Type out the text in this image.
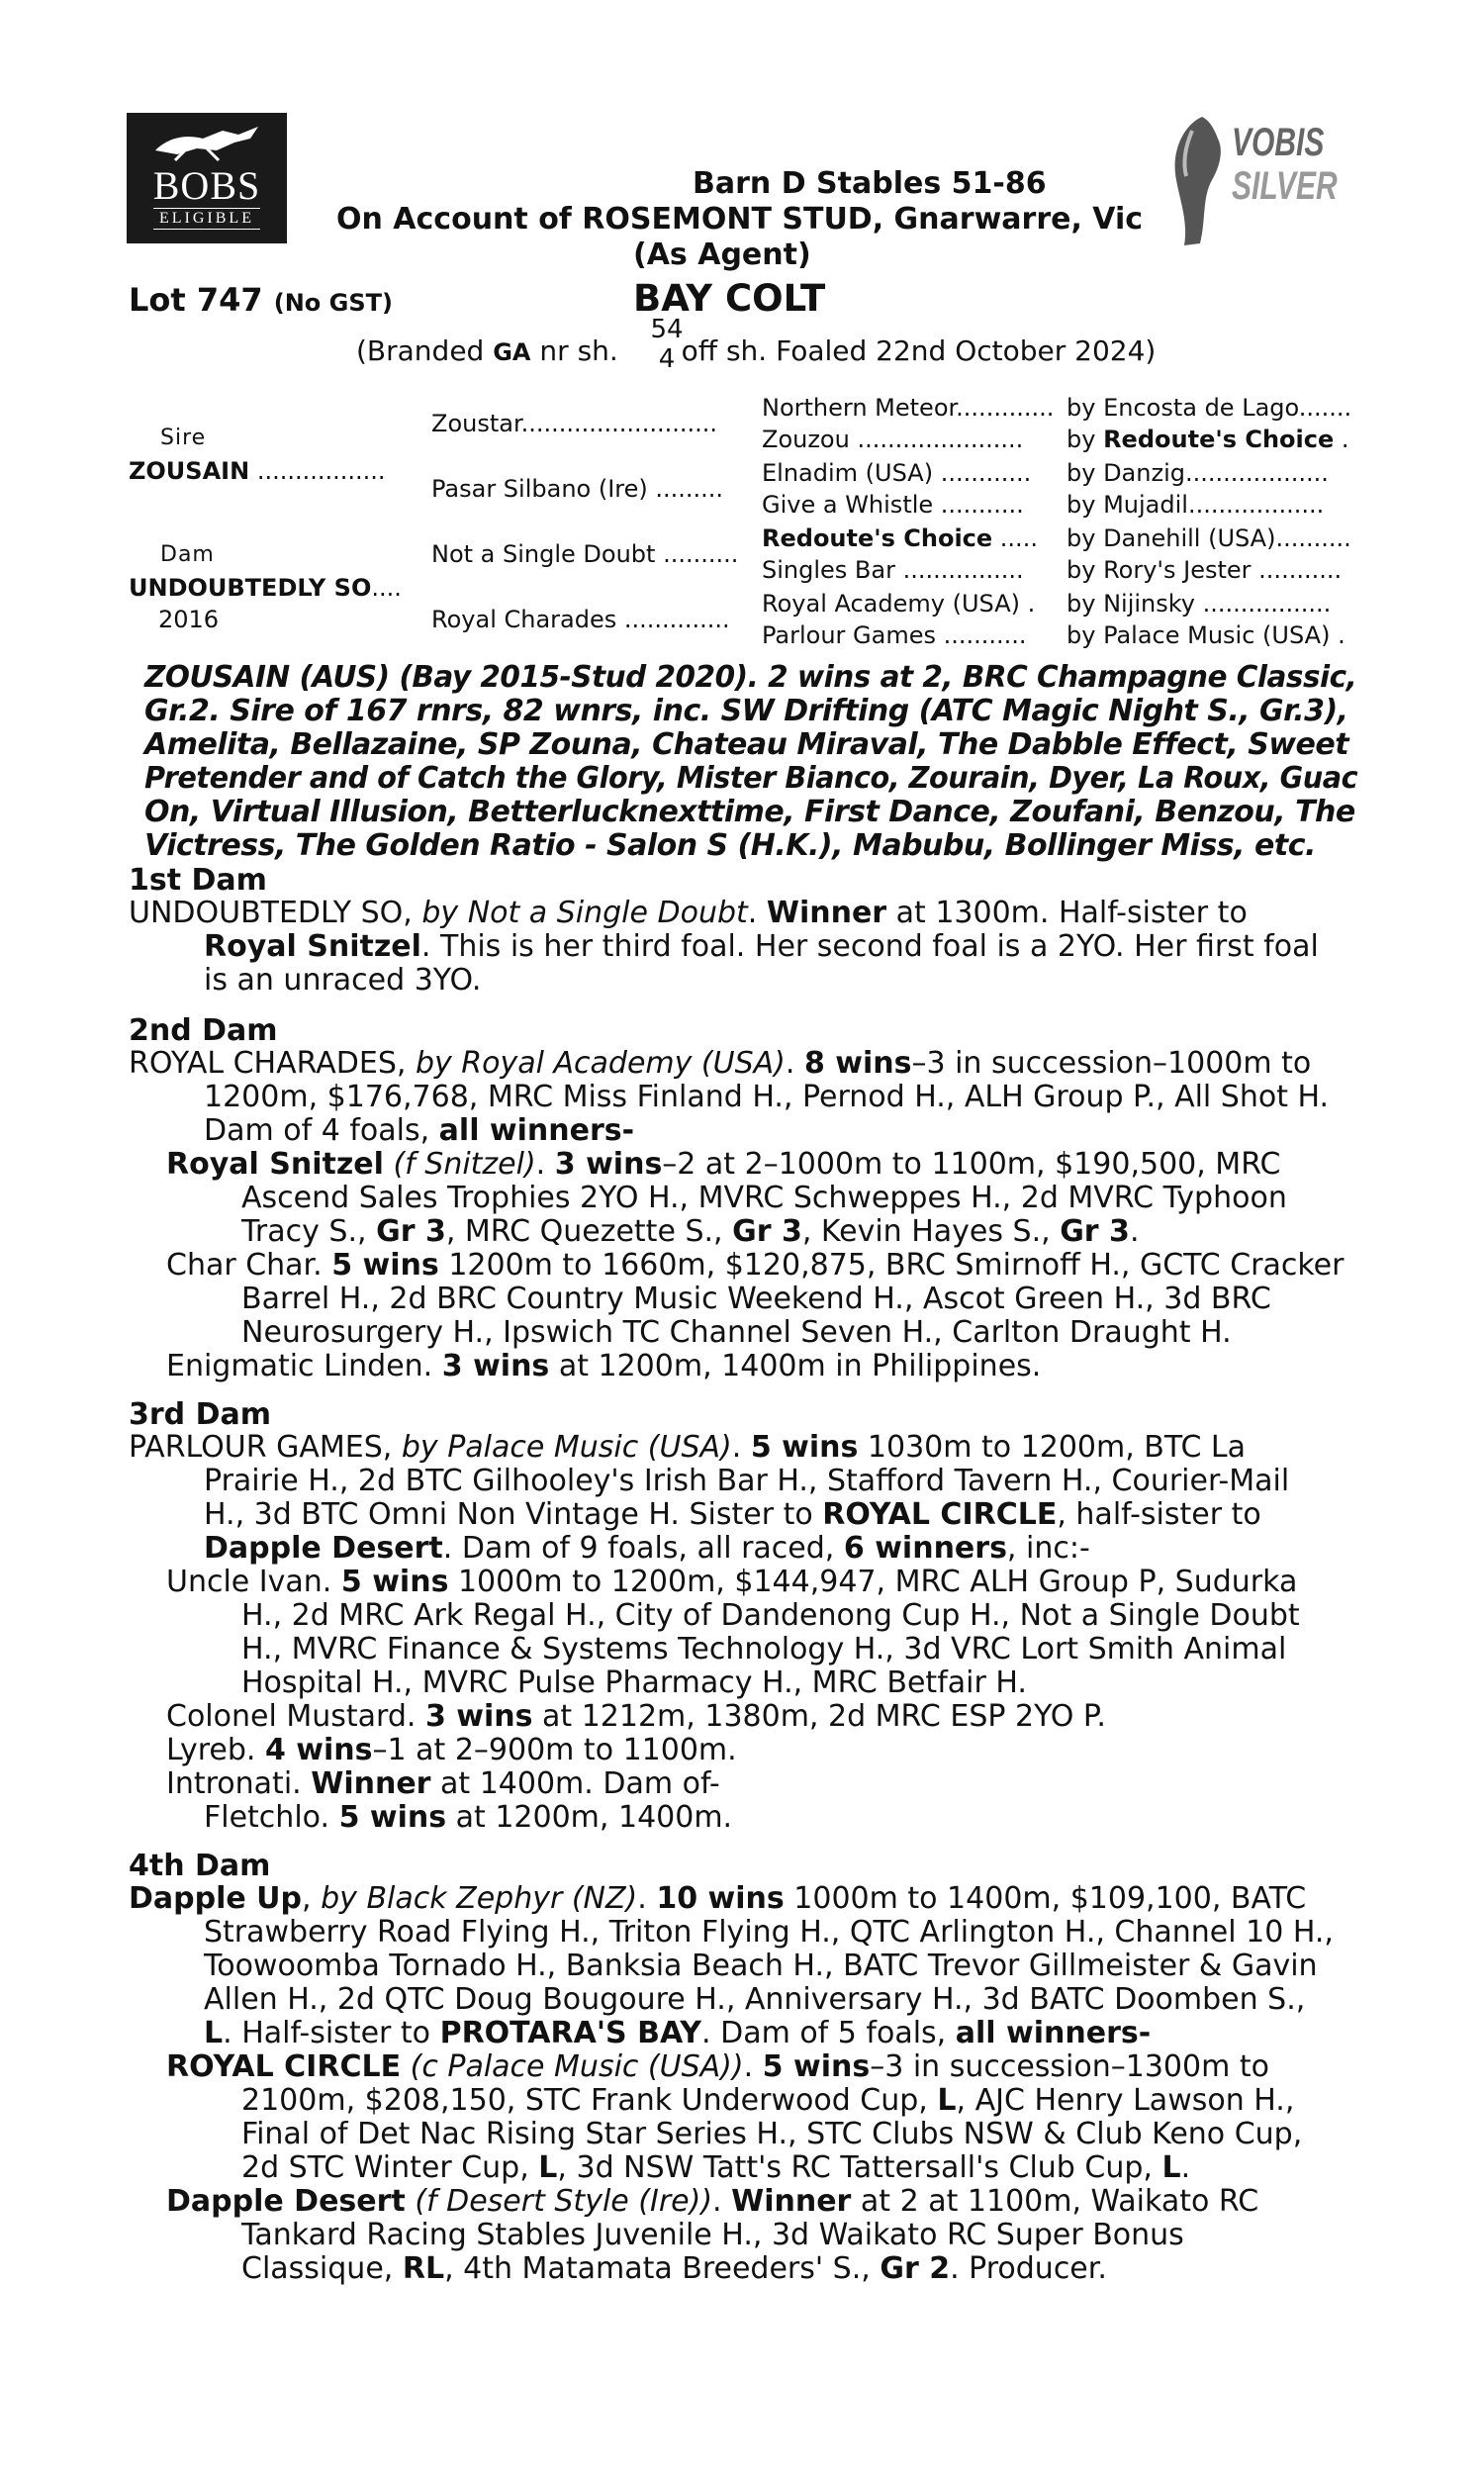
BOBS
ELIGIBLE
VOBIS
SILVER
Barn D Stables 51-86
On Account of ROSEMONT STUD, Gnarwarre, Vic
(As Agent)
Lot 747 (No GST)	BAY COLT
(Branded GA nr sh. off sh. Foaled 22nd October 2024)
54
4
Sire
ZOUSAIN .................
Dam
UNDOUBTEDLY SO....
2016
Zoustar..........................
Pasar Silbano (Ire) .........
Not a Single Doubt ..........
Royal Charades ..............
Northern Meteor.............
Zouzou ......................
Elnadim (USA) ............
Give a Whistle ...........
Redoute's Choice .....
Singles Bar ................
Royal Academy (USA) .
Parlour Games ...........
by Encosta de Lago.......
by Redoute's Choice .
by Danzig...................
by Mujadil..................
by Danehill (USA)..........
by Rory's Jester ...........
by Nijinsky .................
by Palace Music (USA) .
ZOUSAIN (AUS) (Bay 2015-Stud 2020). 2 wins at 2, BRC Champagne Classic,
Gr.2. Sire of 167 rnrs, 82 wnrs, inc. SW Drifting (ATC Magic Night S., Gr.3),
Amelita, Bellazaine, SP Zouna, Chateau Miraval, The Dabble Effect, Sweet
Pretender and of Catch the Glory, Mister Bianco, Zourain, Dyer, La Roux, Guac
On, Virtual Illusion, Betterlucknexttime, First Dance, Zoufani, Benzou, The
Victress, The Golden Ratio - Salon S (H.K.), Mabubu, Bollinger Miss, etc.
1st Dam
UNDOUBTEDLY SO, by Not a Single Doubt. Winner at 1300m. Half-sister to
Royal Snitzel. This is her third foal. Her second foal is a 2YO. Her first foal
is an unraced 3YO.
2nd Dam
ROYAL CHARADES, by Royal Academy (USA). 8 wins–3 in succession–1000m to
1200m, $176,768, MRC Miss Finland H., Pernod H., ALH Group P., All Shot H.
Dam of 4 foals, all winners-
Royal Snitzel (f Snitzel). 3 wins–2 at 2–1000m to 1100m, $190,500, MRC
Ascend Sales Trophies 2YO H., MVRC Schweppes H., 2d MVRC Typhoon
Tracy S., Gr 3, MRC Quezette S., Gr 3, Kevin Hayes S., Gr 3.
Char Char. 5 wins 1200m to 1660m, $120,875, BRC Smirnoff H., GCTC Cracker
Barrel H., 2d BRC Country Music Weekend H., Ascot Green H., 3d BRC
Neurosurgery H., Ipswich TC Channel Seven H., Carlton Draught H.
Enigmatic Linden. 3 wins at 1200m, 1400m in Philippines.
3rd Dam
PARLOUR GAMES, by Palace Music (USA). 5 wins 1030m to 1200m, BTC La
Prairie H., 2d BTC Gilhooley's Irish Bar H., Stafford Tavern H., Courier-Mail
H., 3d BTC Omni Non Vintage H. Sister to ROYAL CIRCLE, half-sister to
Dapple Desert. Dam of 9 foals, all raced, 6 winners, inc:-
Uncle Ivan. 5 wins 1000m to 1200m, $144,947, MRC ALH Group P, Sudurka
H., 2d MRC Ark Regal H., City of Dandenong Cup H., Not a Single Doubt
H., MVRC Finance & Systems Technology H., 3d VRC Lort Smith Animal
Hospital H., MVRC Pulse Pharmacy H., MRC Betfair H.
Colonel Mustard. 3 wins at 1212m, 1380m, 2d MRC ESP 2YO P.
Lyreb. 4 wins–1 at 2–900m to 1100m.
Intronati. Winner at 1400m. Dam of-
Fletchlo. 5 wins at 1200m, 1400m.
4th Dam
Dapple Up, by Black Zephyr (NZ). 10 wins 1000m to 1400m, $109,100, BATC
Strawberry Road Flying H., Triton Flying H., QTC Arlington H., Channel 10 H.,
Toowoomba Tornado H., Banksia Beach H., BATC Trevor Gillmeister & Gavin
Allen H., 2d QTC Doug Bougoure H., Anniversary H., 3d BATC Doomben S.,
L. Half-sister to PROTARA'S BAY. Dam of 5 foals, all winners-
ROYAL CIRCLE (c Palace Music (USA)). 5 wins–3 in succession–1300m to
2100m, $208,150, STC Frank Underwood Cup, L, AJC Henry Lawson H.,
Final of Det Nac Rising Star Series H., STC Clubs NSW & Club Keno Cup,
2d STC Winter Cup, L, 3d NSW Tatt's RC Tattersall's Club Cup, L.
Dapple Desert (f Desert Style (Ire)). Winner at 2 at 1100m, Waikato RC
Tankard Racing Stables Juvenile H., 3d Waikato RC Super Bonus
Classique, RL, 4th Matamata Breeders' S., Gr 2. Producer.
